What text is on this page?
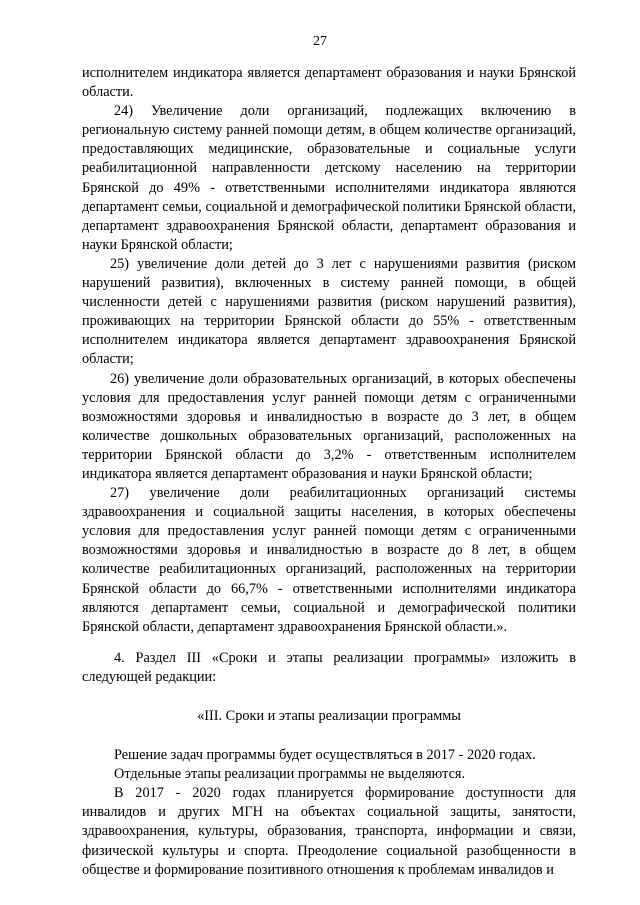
27

исполнителем индикатора является департамент образования и науки Брянской области.

24) Увеличение доли организаций, подлежащих включению в региональную систему ранней помощи детям, в общем количестве организаций, предоставляющих медицинские, образовательные и социальные услуги реабилитационной направленности детскому населению на территории Брянской до 49% - ответственными исполнителями индикатора являются департамент семьи, социальной и демографической политики Брянской области, департамент здравоохранения Брянской области, департамент образования и науки Брянской области;

25) увеличение доли детей до 3 лет с нарушениями развития (риском нарушений развития), включенных в систему ранней помощи, в общей численности детей с нарушениями развития (риском нарушений развития), проживающих на территории Брянской области до 55% - ответственным исполнителем индикатора является департамент здравоохранения Брянской области;

26) увеличение доли образовательных организаций, в которых обеспечены условия для предоставления услуг ранней помощи детям с ограниченными возможностями здоровья и инвалидностью в возрасте до 3 лет, в общем количестве дошкольных образовательных организаций, расположенных на территории Брянской области до 3,2% - ответственным исполнителем индикатора является департамент образования и науки Брянской области;

27) увеличение доли реабилитационных организаций системы здравоохранения и социальной защиты населения, в которых обеспечены условия для предоставления услуг ранней помощи детям с ограниченными возможностями здоровья и инвалидностью в возрасте до 8 лет, в общем количестве реабилитационных организаций, расположенных на территории Брянской области до 66,7% - ответственными исполнителями индикатора являются департамент семьи, социальной и демографической политики Брянской области, департамент здравоохранения Брянской области.».

4. Раздел III «Сроки и этапы реализации программы» изложить в следующей редакции:

«III. Сроки и этапы реализации программы

Решение задач программы будет осуществляться в 2017 - 2020 годах.

Отдельные этапы реализации программы не выделяются.

В 2017 - 2020 годах планируется формирование доступности для инвалидов и других МГН на объектах социальной защиты, занятости, здравоохранения, культуры, образования, транспорта, информации и связи, физической культуры и спорта. Преодоление социальной разобщенности в обществе и формирование позитивного отношения к проблемам инвалидов и
